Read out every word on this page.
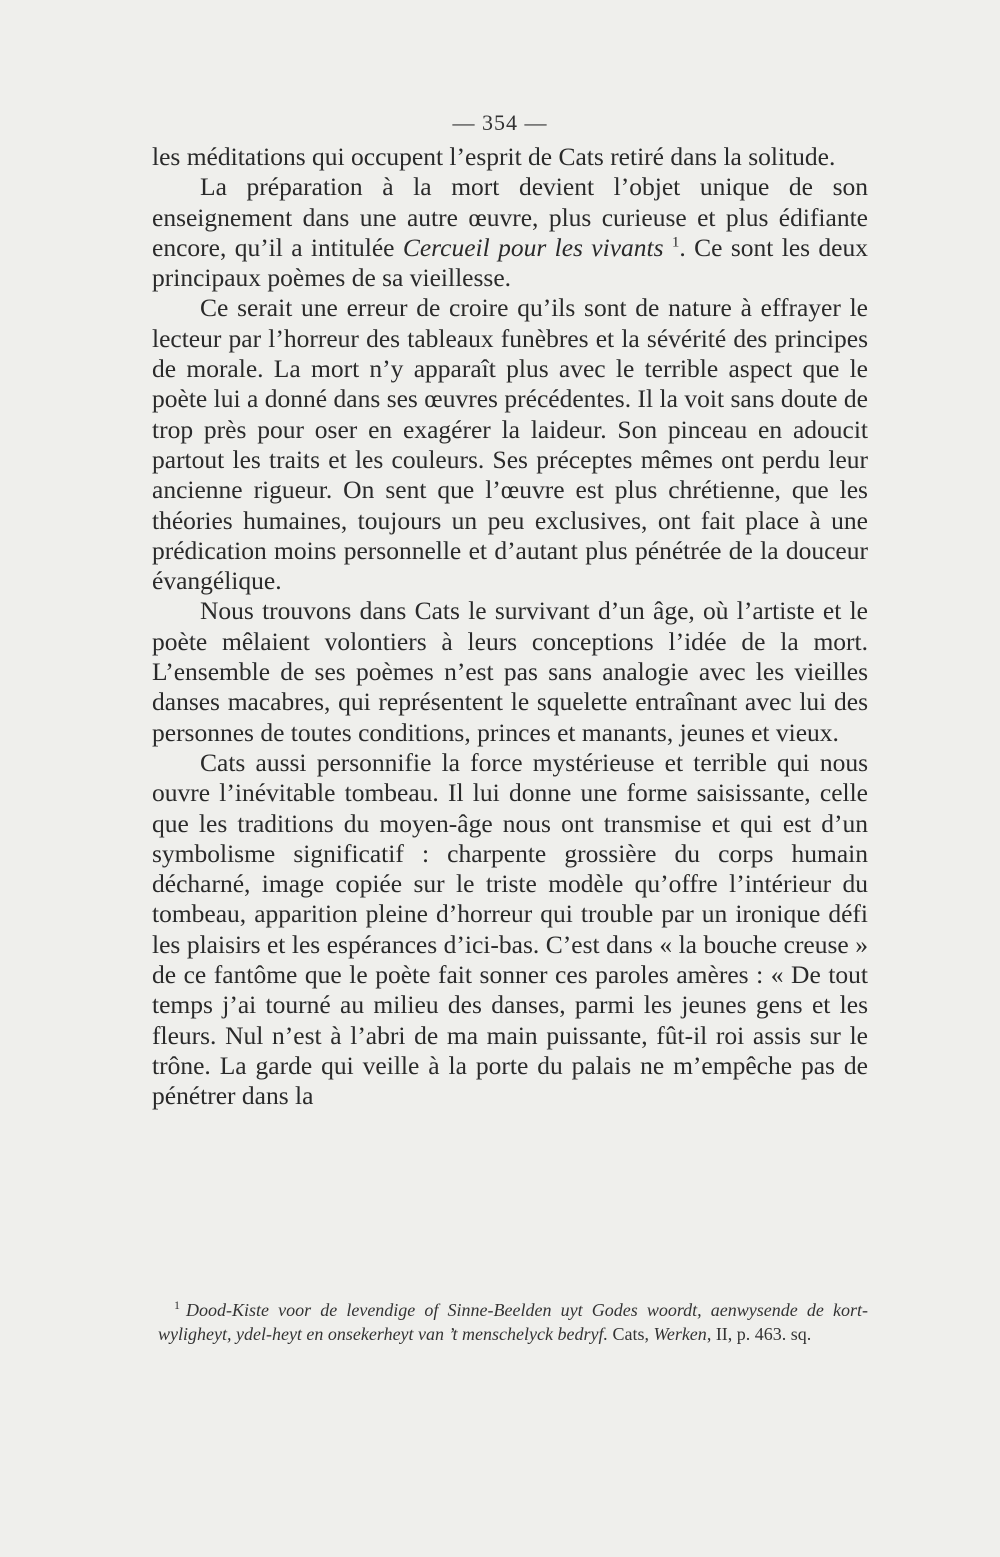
— 354 —

les méditations qui occupent l’esprit de Cats retiré dans la solitude.

La préparation à la mort devient l’objet unique de son enseignement dans une autre œuvre, plus curieuse et plus édifiante encore, qu’il a intitulée Cercueil pour les vivants $^1$. Ce sont les deux principaux poèmes de sa vieillesse.

Ce serait une erreur de croire qu’ils sont de nature à effrayer le lecteur par l’horreur des tableaux funèbres et la sévérité des principes de morale. La mort n’y apparaît plus avec le terrible aspect que le poète lui a donné dans ses œuvres précédentes. Il la voit sans doute de trop près pour oser en exagérer la laideur. Son pinceau en adoucit partout les traits et les couleurs. Ses préceptes mêmes ont perdu leur ancienne rigueur. On sent que l’œuvre est plus chrétienne, que les théories humaines, toujours un peu exclusives, ont fait place à une prédication moins personnelle et d’autant plus pénétrée de la douceur évangélique.

Nous trouvons dans Cats le survivant d’un âge, où l’artiste et le poète mêlaient volontiers à leurs conceptions l’idée de la mort. L’ensemble de ses poèmes n’est pas sans analogie avec les vieilles danses macabres, qui représentent le squelette entraînant avec lui des personnes de toutes conditions, princes et manants, jeunes et vieux.

Cats aussi personnifie la force mystérieuse et terrible qui nous ouvre l’inévitable tombeau. Il lui donne une forme saisissante, celle que les traditions du moyen-âge nous ont transmise et qui est d’un symbolisme significatif : charpente grossière du corps humain décharné, image copiée sur le triste modèle qu’offre l’intérieur du tombeau, apparition pleine d’horreur qui trouble par un ironique défi les plaisirs et les espérances d’ici-bas. C’est dans « la bouche creuse » de ce fantôme que le poète fait sonner ces paroles amères : « De tout temps j’ai tourné au milieu des danses, parmi les jeunes gens et les fleurs. Nul n’est à l’abri de ma main puissante, fût-il roi assis sur le trône. La garde qui veille à la porte du palais ne m’empêche pas de pénétrer dans la

$^1$ Dood-Kiste voor de levendige of Sinne-Beelden uyt Godes woordt, aenwysende de kort-wyligheyt, ydel-heyt en onsekerheyt van ’t menschelyck bedryf. Cats, Werken, II, p. 463. sq.
